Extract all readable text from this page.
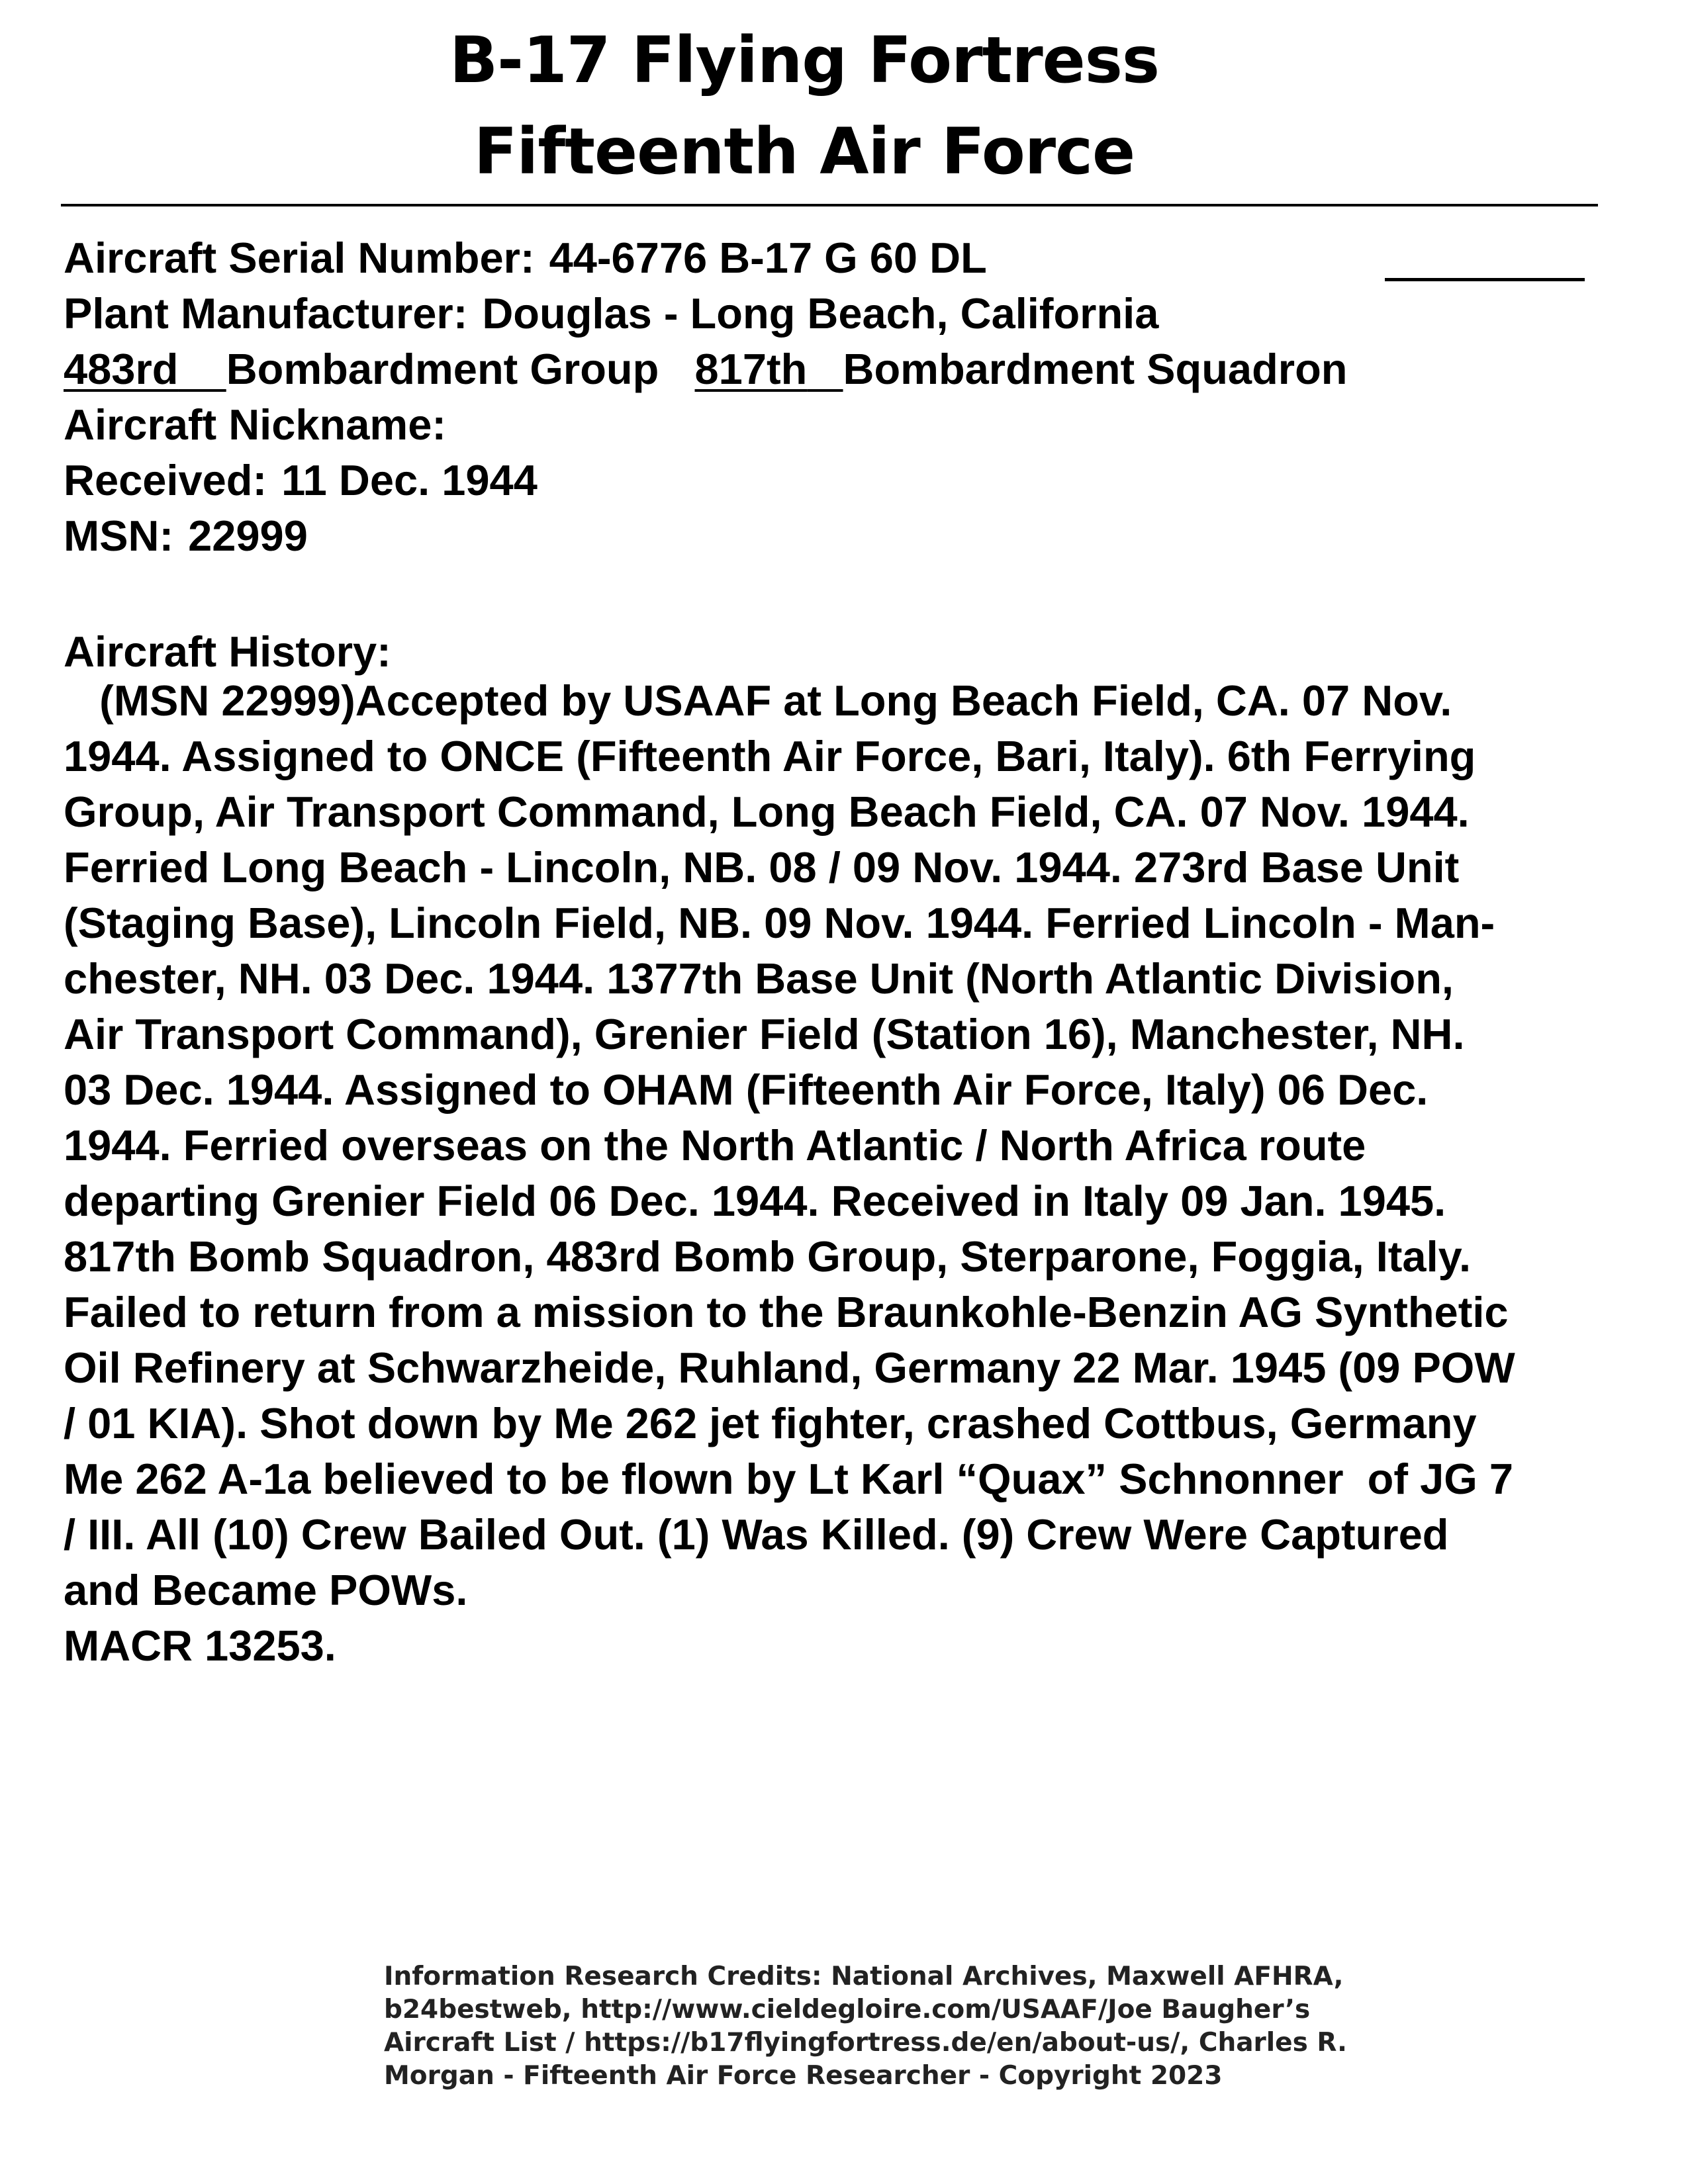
B-17 Flying Fortress
Fifteenth Air Force
Aircraft Serial Number: 44-6776 B-17 G 60 DL
Plant Manufacturer: Douglas - Long Beach, California
483rd Bombardment Group 817th Bombardment Squadron
Aircraft Nickname:
Received: 11 Dec. 1944
MSN: 22999
Aircraft History:
(MSN 22999)Accepted by USAAF at Long Beach Field, CA. 07 Nov.
1944. Assigned to ONCE (Fifteenth Air Force, Bari, Italy). 6th Ferrying
Group, Air Transport Command, Long Beach Field, CA. 07 Nov. 1944.
Ferried Long Beach - Lincoln, NB. 08 / 09 Nov. 1944. 273rd Base Unit
(Staging Base), Lincoln Field, NB. 09 Nov. 1944. Ferried Lincoln - Man-
chester, NH. 03 Dec. 1944. 1377th Base Unit (North Atlantic Division,
Air Transport Command), Grenier Field (Station 16), Manchester, NH.
03 Dec. 1944. Assigned to OHAM (Fifteenth Air Force, Italy) 06 Dec.
1944. Ferried overseas on the North Atlantic / North Africa route
departing Grenier Field 06 Dec. 1944. Received in Italy 09 Jan. 1945.
817th Bomb Squadron, 483rd Bomb Group, Sterparone, Foggia, Italy.
Failed to return from a mission to the Braunkohle-Benzin AG Synthetic
Oil Refinery at Schwarzheide, Ruhland, Germany 22 Mar. 1945 (09 POW
/ 01 KIA). Shot down by Me 262 jet fighter, crashed Cottbus, Germany
Me 262 A-1a believed to be flown by Lt Karl “Quax” Schnonner  of JG 7
/ III. All (10) Crew Bailed Out. (1) Was Killed. (9) Crew Were Captured
and Became POWs.
MACR 13253.
Information Research Credits: National Archives, Maxwell AFHRA,
b24bestweb, http://www.cieldegloire.com/USAAF/Joe Baugher’s
Aircraft List / https://b17flyingfortress.de/en/about-us/, Charles R.
Morgan - Fifteenth Air Force Researcher - Copyright 2023
